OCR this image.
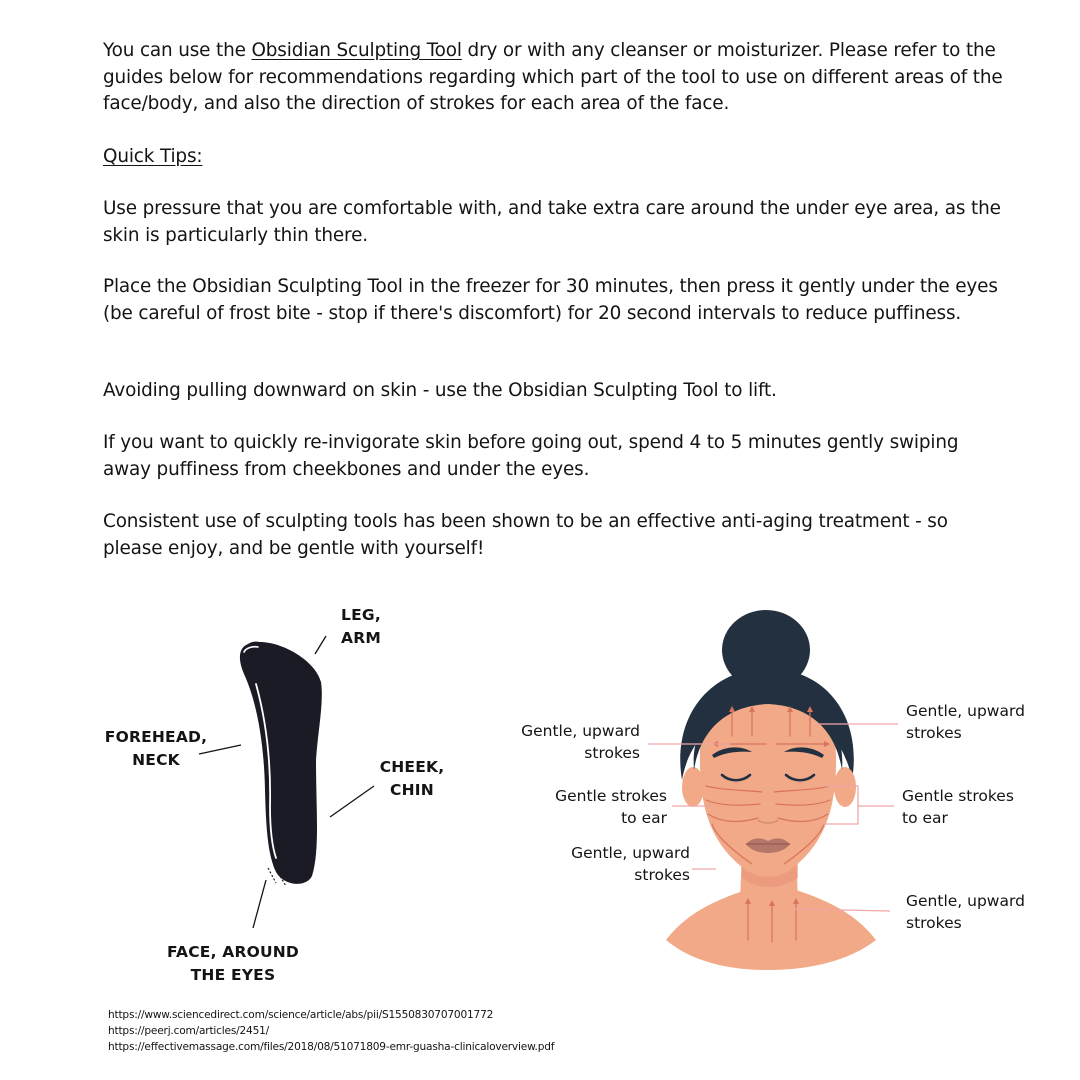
You can use the Obsidian Sculpting Tool dry or with any cleanser or moisturizer. Please refer to the guides below for recommendations regarding which part of the tool to use on different areas of the face/body, and also the direction of strokes for each area of the face.
Quick Tips:
Use pressure that you are comfortable with, and take extra care around the under eye area, as the skin is particularly thin there.
Place the Obsidian Sculpting Tool in the freezer for 30 minutes, then press it gently under the eyes (be careful of frost bite - stop if there's discomfort) for 20 second intervals to reduce puffiness.
Avoiding pulling downward on skin - use the Obsidian Sculpting Tool to lift.
If you want to quickly re-invigorate skin before going out, spend 4 to 5 minutes gently swiping away puffiness from cheekbones and under the eyes.
Consistent use of sculpting tools has been shown to be an effective anti-aging treatment - so please enjoy, and be gentle with yourself!
LEG,
ARM
FOREHEAD,
NECK	CHEEK,
CHIN
FACE, AROUND
THE EYES
Gentle, upward
strokes
Gentle strokes
to ear
Gentle, upward
strokes
Gentle, upward
strokes
Gentle strokes
to ear
Gentle, upward
strokes
https://www.sciencedirect.com/science/article/abs/pii/S1550830707001772
https://peerj.com/articles/2451/
https://effectivemassage.com/files/2018/08/51071809-emr-guasha-clinicaloverview.pdf
